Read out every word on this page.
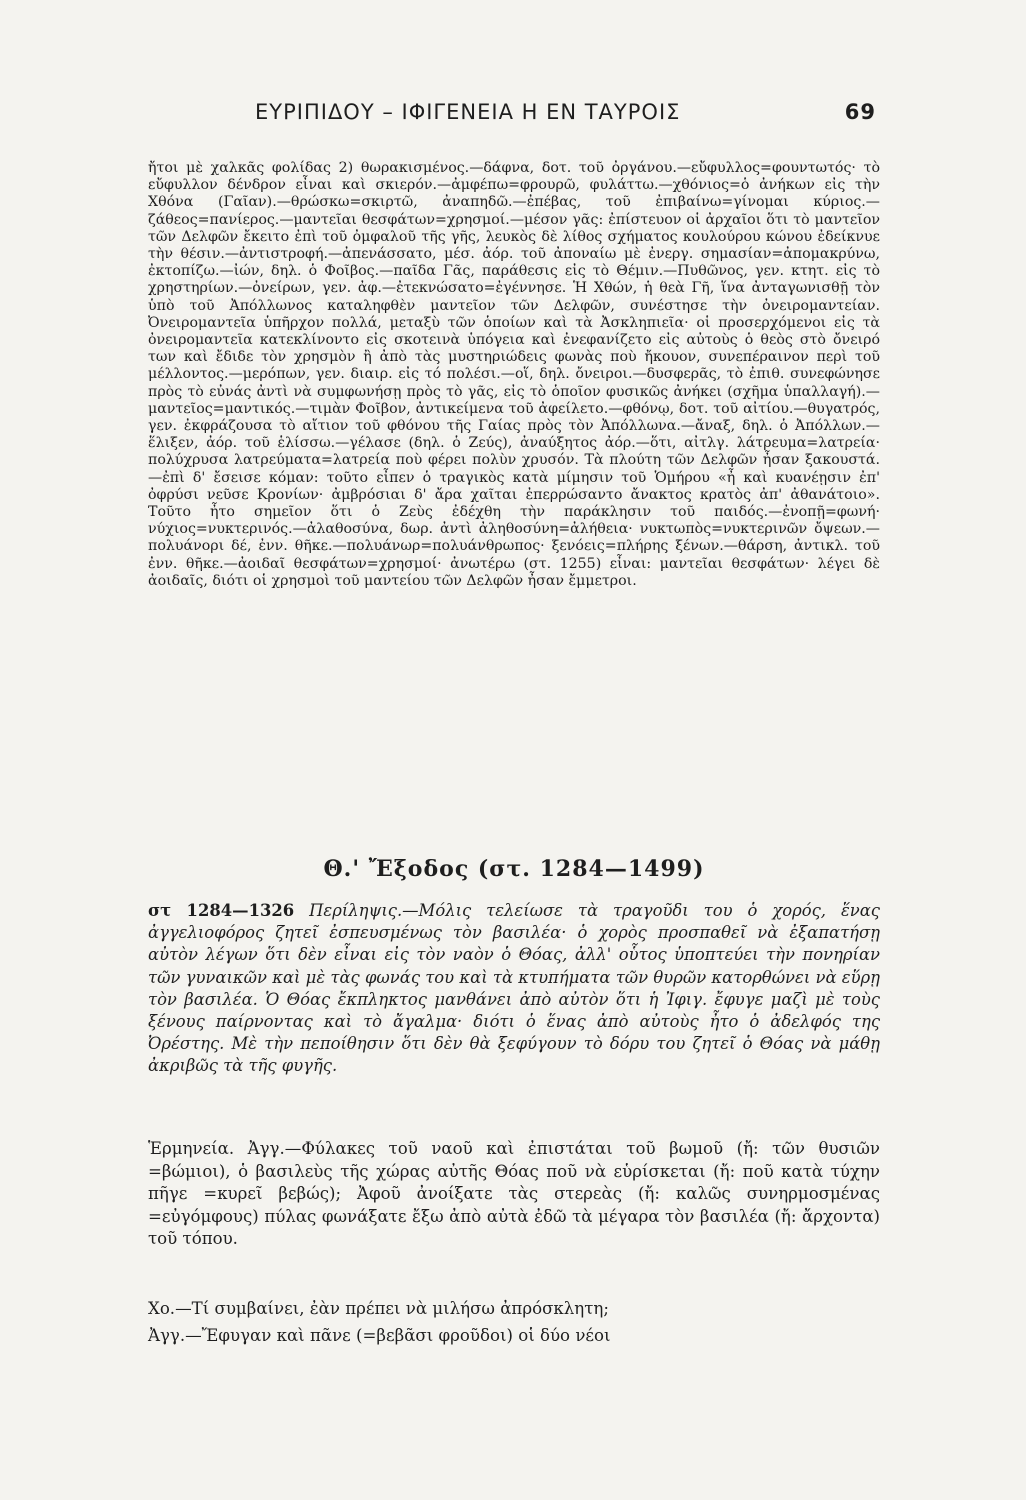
ΕΥΡΙΠΙΔΟΥ – ΙΦΙΓΕΝΕΙΑ Η ΕΝ ΤΑΥΡΟΙΣ	69

ἤτοι μὲ χαλκᾶς φολίδας 2) θωρακισμένος.—δάφνα, δοτ. τοῦ ὀργάνου.—εὔφυλλος=φουντωτός· τὸ εὔφυλλον δένδρον εἶναι καὶ σκιερόν.—ἀμφέπω=φρουρῶ, φυλάττω.—χθόνιος=ὁ ἀνήκων εἰς τὴν Χθόνα (Γαῖαν).—θρώσκω=σκιρτῶ, ἀναπηδῶ.—ἐπέβας, τοῦ ἐπιβαίνω=γίνομαι κύριος.—ζάθεος=πανίερος.—μαντεῖαι θεσφάτων=χρησμοί.—μέσον γᾶς: ἐπίστευον οἱ ἀρχαῖοι ὅτι τὸ μαντεῖον τῶν Δελφῶν ἔκειτο ἐπὶ τοῦ ὀμφαλοῦ τῆς γῆς, λευκὸς δὲ λίθος σχήματος κουλούρου κώνου ἐδείκνυε τὴν θέσιν.—ἀντιστροφή.—ἀπενάσσατο, μέσ. ἀόρ. τοῦ ἀποναίω μὲ ἐνεργ. σημασίαν=ἀπομακρύνω, ἐκτοπίζω.—ἰών, δηλ. ὁ Φοῖβος.—παῖδα Γᾶς, παράθεσις εἰς τὸ Θέμιν.—Πυθῶνος, γεν. κτητ. εἰς τὸ χρηστηρίων.—ὀνείρων, γεν. ἀφ.—ἐτεκνώσατο=ἐγέννησε. Ἡ Χθών, ἡ θεὰ Γῆ, ἵνα ἀνταγωνισθῇ τὸν ὑπὸ τοῦ Ἀπόλλωνος καταληφθὲν μαντεῖον τῶν Δελφῶν, συνέστησε τὴν ὀνειρομαντείαν. Ὀνειρομαντεῖα ὑπῆρχον πολλά, μεταξὺ τῶν ὁποίων καὶ τὰ Ἀσκληπιεῖα· οἱ προσερχόμενοι εἰς τὰ ὀνειρομαντεῖα κατεκλίνοντο εἰς σκοτεινὰ ὑπόγεια καὶ ἐνεφανίζετο εἰς αὐτοὺς ὁ θεὸς στὸ ὄνειρό των καὶ ἔδιδε τὸν χρησμὸν ἢ ἀπὸ τὰς μυστηριώδεις φωνὰς ποὺ ἤκουον, συνεπέραινον περὶ τοῦ μέλλοντος.—μερόπων, γεν. διαιρ. εἰς τό πολέσι.—οἵ, δηλ. ὄνειροι.—δυσφερᾶς, τὸ ἐπιθ. συνεφώνησε πρὸς τὸ εὐνάς ἀντὶ νὰ συμφωνήσῃ πρὸς τὸ γᾶς, εἰς τὸ ὁποῖον φυσικῶς ἀνήκει (σχῆμα ὑπαλλαγή).—μαντεῖος=μαντικός.—τιμὰν Φοῖβον, ἀντικείμενα τοῦ ἀφείλετο.—φθόνῳ, δοτ. τοῦ αἰτίου.—θυγατρός, γεν. ἐκφράζουσα τὸ αἴτιον τοῦ φθόνου τῆς Γαίας πρὸς τὸν Ἀπόλλωνα.—ἄναξ, δηλ. ὁ Ἀπόλλων.—ἕλιξεν, ἀόρ. τοῦ ἑλίσσω.—γέλασε (δηλ. ὁ Ζεύς), ἀναύξητος ἀόρ.—ὅτι, αἰτλγ. λάτρευμα=λατρεία· πολύχρυσα λατρεύματα=λατρεία ποὺ φέρει πολὺν χρυσόν. Τὰ πλούτη τῶν Δελφῶν ἦσαν ξακουστά.—ἐπὶ δ' ἔσεισε κόμαν: τοῦτο εἶπεν ὁ τραγικὸς κατὰ μίμησιν τοῦ Ὁμήρου «ἦ καὶ κυανέῃσιν ἐπ' ὀφρύσι νεῦσε Κρονίων· ἀμβρόσιαι δ' ἄρα χαῖται ἐπερρώσαντο ἄνακτος κρατὸς ἀπ' ἀθανάτοιο». Τοῦτο ἦτο σημεῖον ὅτι ὁ Ζεὺς ἐδέχθη τὴν παράκλησιν τοῦ παιδός.—ἐνοπῇ=φωνή· νύχιος=νυκτερινός.—ἀλαθοσύνα, δωρ. ἀντὶ ἀληθοσύνη=ἀλήθεια· νυκτωπὸς=νυκτερινῶν ὄψεων.—πολυάνορι δέ, ἐνν. θῆκε.—πολυάνωρ=πολυάνθρωπος· ξενόεις=πλήρης ξένων.—θάρση, ἀντικλ. τοῦ ἐνν. θῆκε.—ἀοιδαῖ θεσφάτων=χρησμοί· ἀνωτέρω (στ. 1255) εἶναι: μαντεῖαι θεσφάτων· λέγει δὲ ἀοιδαῖς, διότι οἱ χρησμοὶ τοῦ μαντείου τῶν Δελφῶν ἦσαν ἔμμετροι.

Θ.' Ἔξοδος (στ. 1284—1499)

στ 1284—1326 Περίληψις.—Μόλις τελείωσε τὰ τραγοῦδι του ὁ χορός, ἕνας ἀγγελιοφόρος ζητεῖ ἐσπευσμένως τὸν βασιλέα· ὁ χορὸς προσπαθεῖ νὰ ἐξαπατήσῃ αὐτὸν λέγων ὅτι δὲν εἶναι εἰς τὸν ναὸν ὁ Θόας, ἀλλ' οὗτος ὑποπτεύει τὴν πονηρίαν τῶν γυναικῶν καὶ μὲ τὰς φωνάς του καὶ τὰ κτυπήματα τῶν θυρῶν κατορθώνει νὰ εὕρῃ τὸν βασιλέα. Ὁ Θόας ἔκπληκτος μανθάνει ἀπὸ αὐτὸν ὅτι ἡ Ἰφιγ. ἔφυγε μαζὶ μὲ τοὺς ξένους παίρνοντας καὶ τὸ ἄγαλμα· διότι ὁ ἕνας ἀπὸ αὐτοὺς ἦτο ὁ ἀδελφός της Ὀρέστης. Μὲ τὴν πεποίθησιν ὅτι δὲν θὰ ξεφύγουν τὸ δόρυ του ζητεῖ ὁ Θόας νὰ μάθῃ ἀκριβῶς τὰ τῆς φυγῆς.

Ἑρμηνεία. Ἀγγ.—Φύλακες τοῦ ναοῦ καὶ ἐπιστάται τοῦ βωμοῦ (ἤ: τῶν θυσιῶν =βώμιοι), ὁ βασιλεὺς τῆς χώρας αὐτῆς Θόας ποῦ νὰ εὑρίσκεται (ἤ: ποῦ κατὰ τύχην πῆγε =κυρεῖ βεβώς); Ἀφοῦ ἀνοίξατε τὰς στερεὰς (ἤ: καλῶς συνηρμοσμένας =εὐγόμφους) πύλας φωνάξατε ἔξω ἀπὸ αὐτὰ ἐδῶ τὰ μέγαρα τὸν βασιλέα (ἤ: ἄρχοντα) τοῦ τόπου.

Χο.—Τί συμβαίνει, ἐὰν πρέπει νὰ μιλήσω ἀπρόσκλητη;

Ἀγγ.—Ἔφυγαν καὶ πᾶνε (=βεβᾶσι φροῦδοι) οἱ δύο νέοι
